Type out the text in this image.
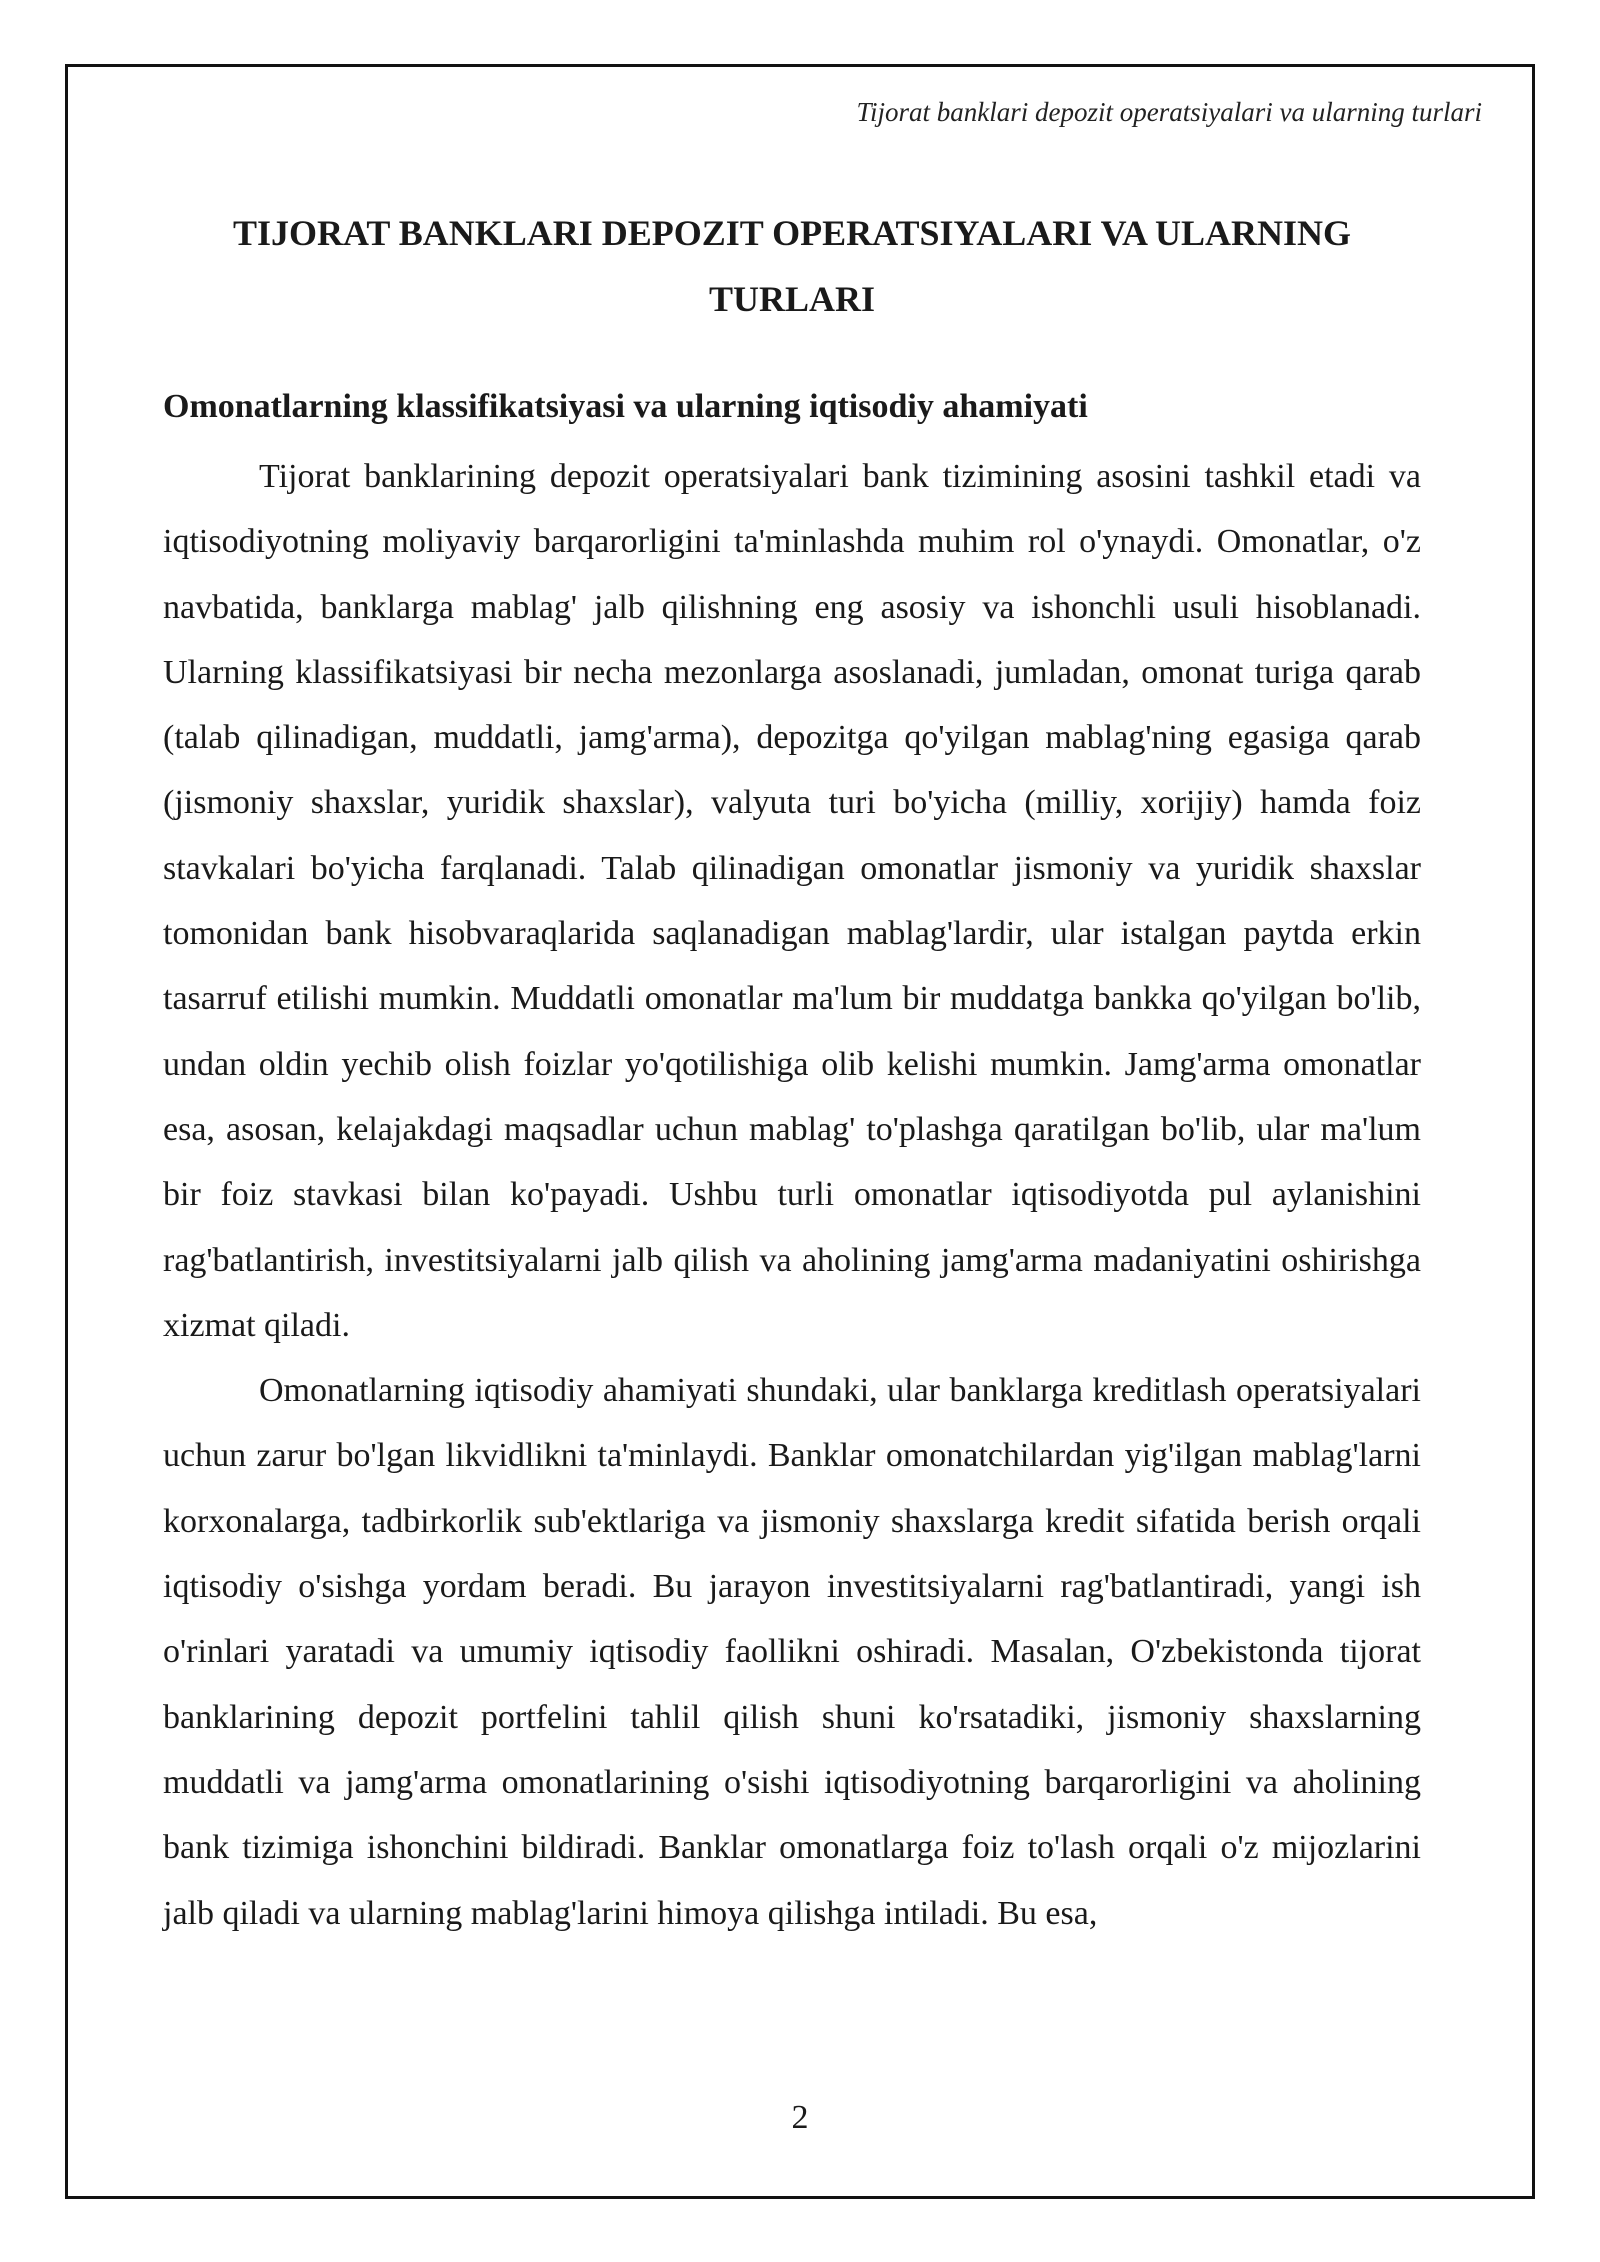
Tijorat banklari depozit operatsiyalari va ularning turlari
TIJORAT BANKLARI DEPOZIT OPERATSIYALARI VA ULARNING TURLARI
Omonatlarning klassifikatsiyasi va ularning iqtisodiy ahamiyati

Tijorat banklarining depozit operatsiyalari bank tizimining asosini tashkil etadi va iqtisodiyotning moliyaviy barqarorligini ta'minlashda muhim rol o'ynaydi. Omonatlar, o'z navbatida, banklarga mablag' jalb qilishning eng asosiy va ishonchli usuli hisoblanadi. Ularning klassifikatsiyasi bir necha mezonlarga asoslanadi, jumladan, omonat turiga qarab (talab qilinadigan, muddatli, jamg'arma), depozitga qo'yilgan mablag'ning egasiga qarab (jismoniy shaxslar, yuridik shaxslar), valyuta turi bo'yicha (milliy, xorijiy) hamda foiz stavkalari bo'yicha farqlanadi. Talab qilinadigan omonatlar jismoniy va yuridik shaxslar tomonidan bank hisobvaraqlarida saqlanadigan mablag'lardir, ular istalgan paytda erkin tasarruf etilishi mumkin. Muddatli omonatlar ma'lum bir muddatga bankka qo'yilgan bo'lib, undan oldin yechib olish foizlar yo'qotilishiga olib kelishi mumkin. Jamg'arma omonatlar esa, asosan, kelajakdagi maqsadlar uchun mablag' to'plashga qaratilgan bo'lib, ular ma'lum bir foiz stavkasi bilan ko'payadi. Ushbu turli omonatlar iqtisodiyotda pul aylanishini rag'batlantirish, investitsiyalarni jalb qilish va aholining jamg'arma madaniyatini oshirishga xizmat qiladi.

Omonatlarning iqtisodiy ahamiyati shundaki, ular banklarga kreditlash operatsiyalari uchun zarur bo'lgan likvidlikni ta'minlaydi. Banklar omonatchilardan yig'ilgan mablag'larni korxonalarga, tadbirkorlik sub'ektlariga va jismoniy shaxslarga kredit sifatida berish orqali iqtisodiy o'sishga yordam beradi. Bu jarayon investitsiyalarni rag'batlantiradi, yangi ish o'rinlari yaratadi va umumiy iqtisodiy faollikni oshiradi. Masalan, O'zbekistonda tijorat banklarining depozit portfelini tahlil qilish shuni ko'rsatadiki, jismoniy shaxslarning muddatli va jamg'arma omonatlarining o'sishi iqtisodiyotning barqarorligini va aholining bank tizimiga ishonchini bildiradi. Banklar omonatlarga foiz to'lash orqali o'z mijozlarini jalb qiladi va ularning mablag'larini himoya qilishga intiladi. Bu esa,

2
